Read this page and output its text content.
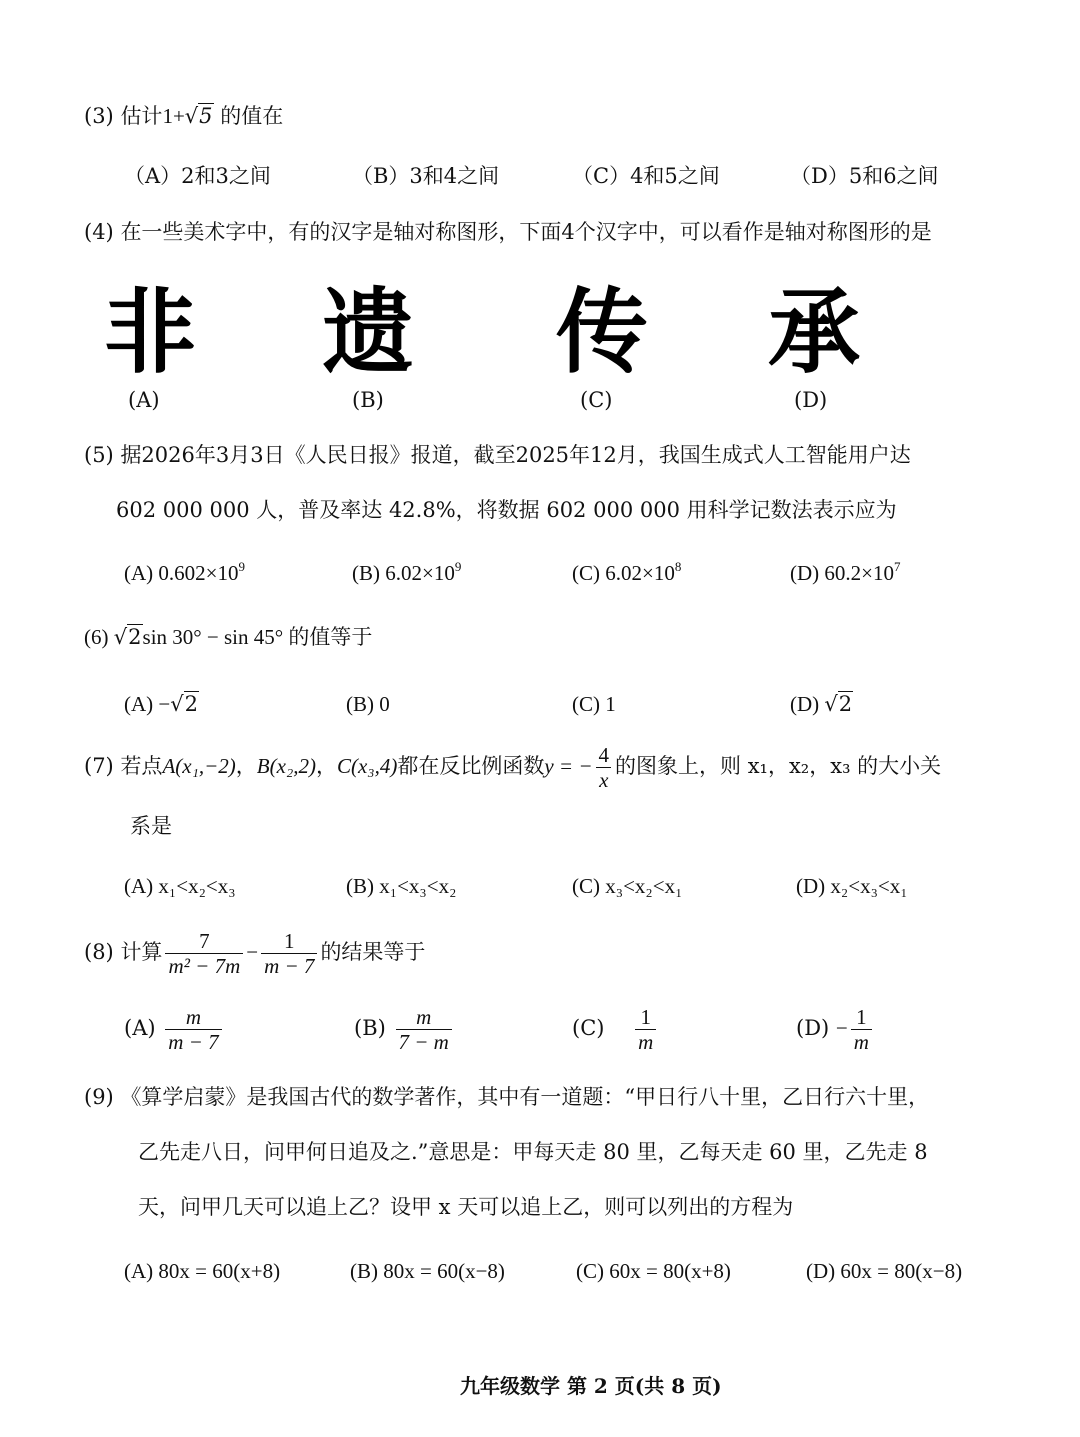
(3) 估计1+√5 的值在
（A）2和3之间	（B）3和4之间	（C）4和5之间	（D）5和6之间
(4) 在一些美术字中，有的汉字是轴对称图形，下面4个汉字中，可以看作是轴对称图形的是
非 遗 传 承
(A)	(B)	(C)	(D)
(5) 据2026年3月3日《人民日报》报道，截至2025年12月，我国生成式人工智能用户达
602 000 000 人，普及率达 42.8%，将数据 602 000 000 用科学记数法表示应为
(A) $0.602\times 10^9$	(B) $6.02\times 10^9$	(C) $6.02\times 10^8$	(D) $60.2\times 10^7$
(6) √2sin 30° − sin 45° 的值等于
(A) −√2	(B) 0	(C) 1	(D) √2
(7) 若点A(x₁,−2)，B(x₂,2)，C(x₃,4)都在反比例函数y = − $\frac{4}{x}$ 的图象上，则 x₁，x₂，x₃ 的大小关
系是
(A) x₁<x₂<x₃	(B) x₁<x₃<x₂	(C) x₃<x₂<x₁	(D) x₂<x₃<x₁
(8) 计算 $\frac{7}{\text{m² − 7m}} - \frac{1}{m - 7}$ 的结果等于
$(A) \frac{m}{m - 7}$	$(B) \frac{m}{7 - m}$	$(C) \frac{1}{m}$	$(D) - \frac{1}{m}$
(9) 《算学启蒙》是我国古代的数学著作，其中有一道题：“甲日行八十里，乙日行六十里，
乙先走八日，问甲何日追及之.”意思是：甲每天走 80 里，乙每天走 60 里，乙先走 8
天，问甲几天可以追上乙？设甲 x 天可以追上乙，则可以列出的方程为
(A) 80x = 60(x+8)	(B) 80x = 60(x−8)	(C) 60x = 80(x+8)	(D) 60x = 80(x−8)
九年级数学 第 2 页(共 8 页)
